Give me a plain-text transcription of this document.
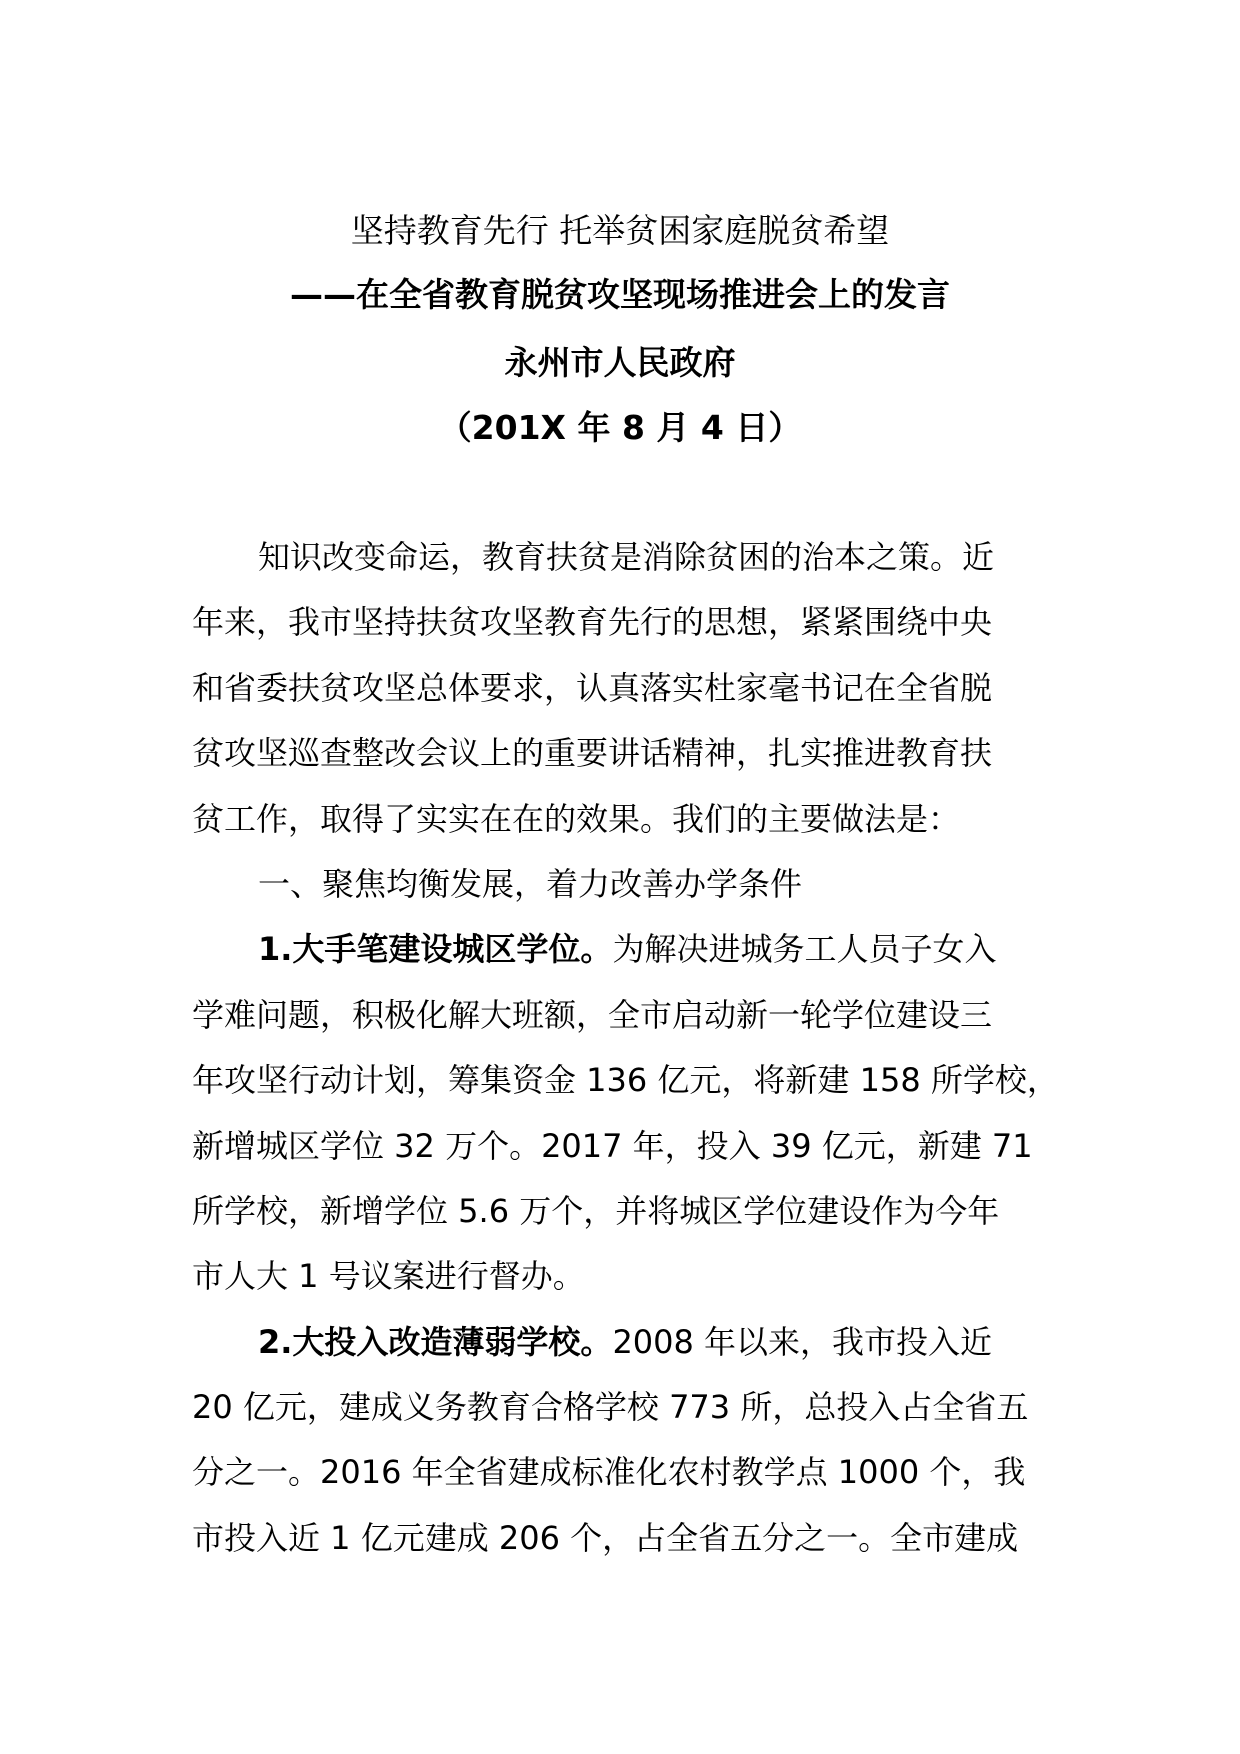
坚持教育先行 托举贫困家庭脱贫希望
——在全省教育脱贫攻坚现场推进会上的发言
永州市人民政府
（201X 年 8 月 4 日）
知识改变命运，教育扶贫是消除贫困的治本之策。近
年来，我市坚持扶贫攻坚教育先行的思想，紧紧围绕中央
和省委扶贫攻坚总体要求，认真落实杜家毫书记在全省脱
贫攻坚巡查整改会议上的重要讲话精神，扎实推进教育扶
贫工作，取得了实实在在的效果。我们的主要做法是：
一、聚焦均衡发展，着力改善办学条件
1.大手笔建设城区学位。为解决进城务工人员子女入
学难问题，积极化解大班额，全市启动新一轮学位建设三
年攻坚行动计划，筹集资金 136 亿元，将新建 158 所学校，
新增城区学位 32 万个。2017 年，投入 39 亿元，新建 71
所学校，新增学位 5.6 万个，并将城区学位建设作为今年
市人大 1 号议案进行督办。
2.大投入改造薄弱学校。2008 年以来，我市投入近
20 亿元，建成义务教育合格学校 773 所，总投入占全省五
分之一。2016 年全省建成标准化农村教学点 1000 个，我
市投入近 1 亿元建成 206 个，占全省五分之一。全市建成
